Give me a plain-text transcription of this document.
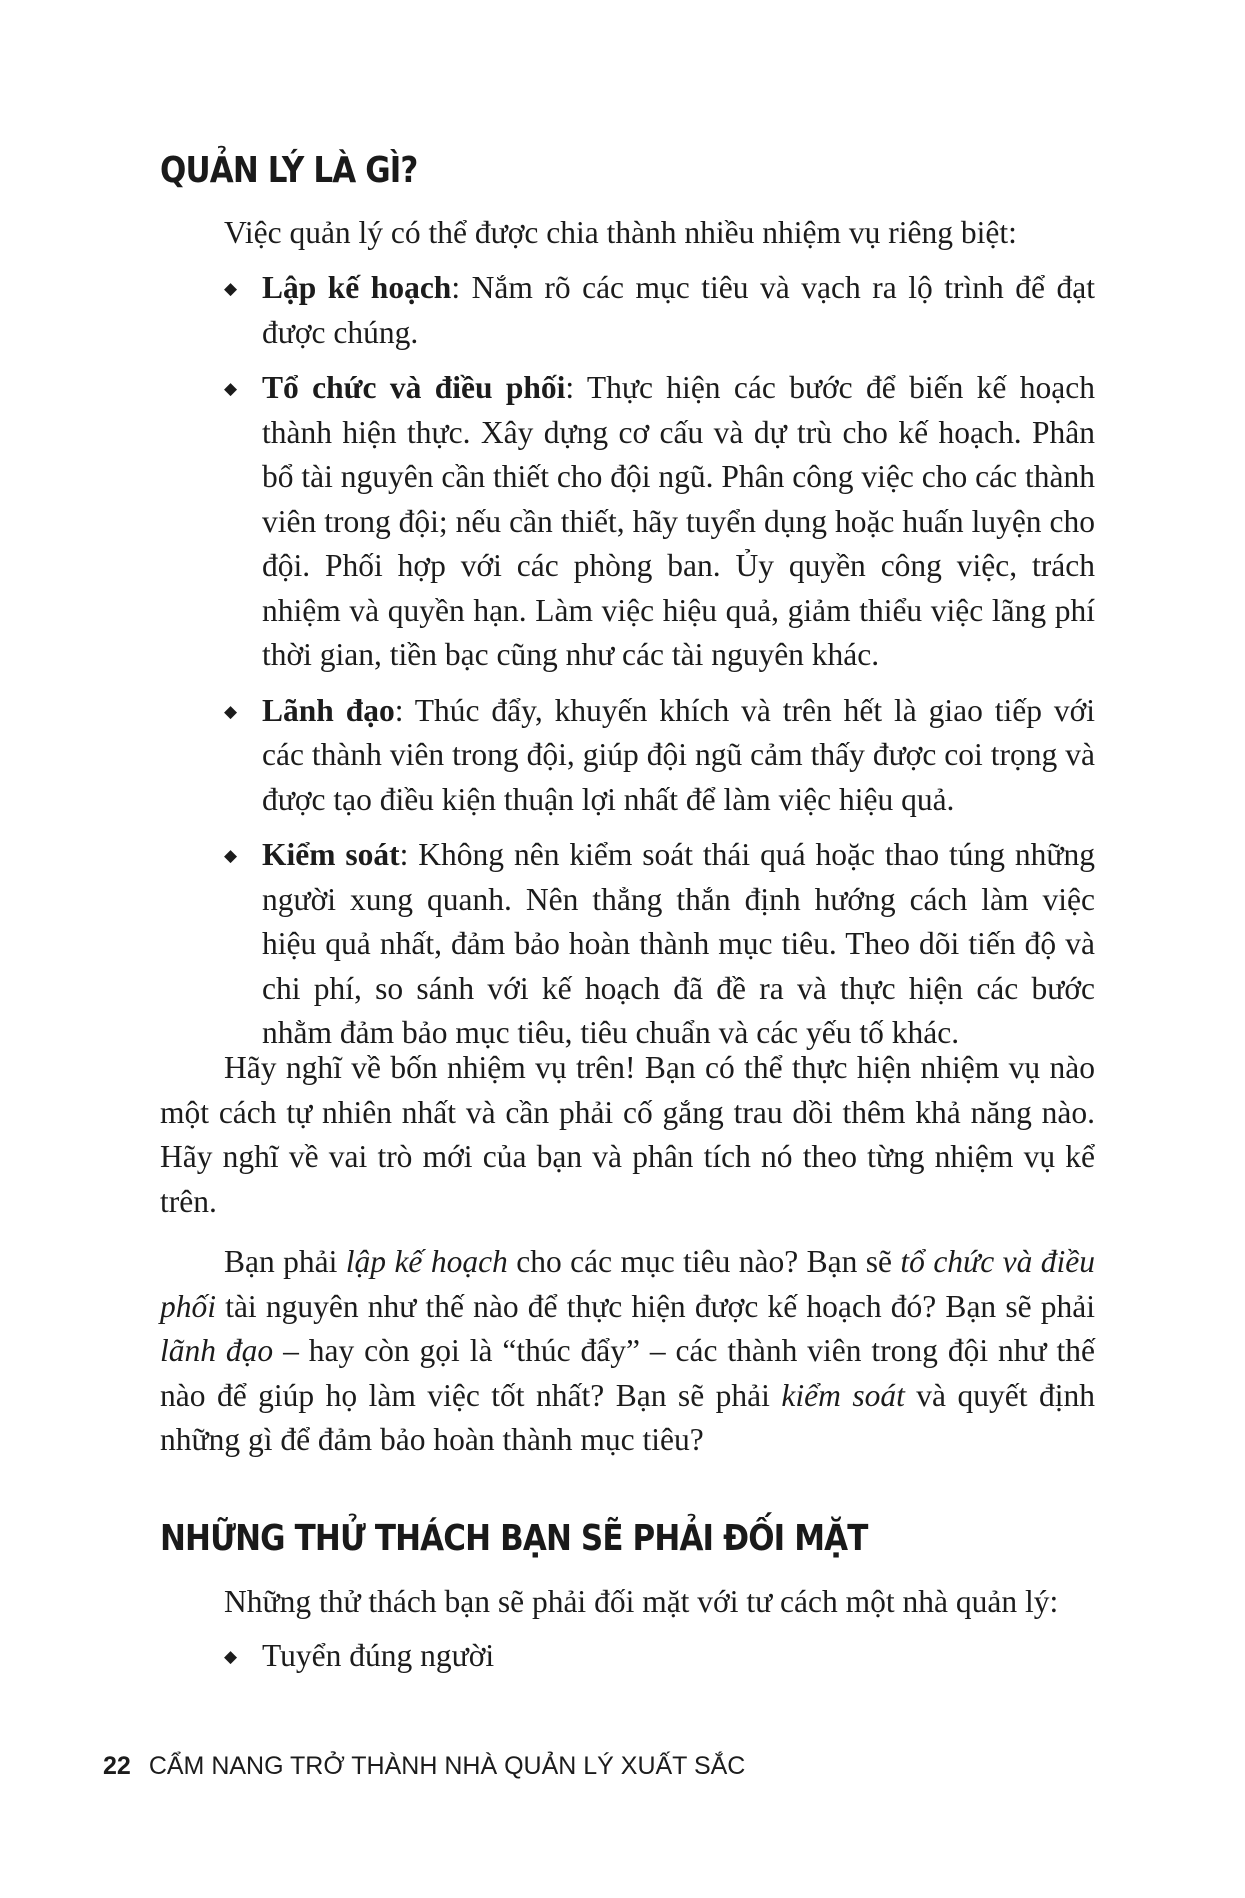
QUẢN LÝ LÀ GÌ?

Việc quản lý có thể được chia thành nhiều nhiệm vụ riêng biệt:

◆ Lập kế hoạch: Nắm rõ các mục tiêu và vạch ra lộ trình để đạt được chúng.
◆ Tổ chức và điều phối: Thực hiện các bước để biến kế hoạch thành hiện thực. Xây dựng cơ cấu và dự trù cho kế hoạch. Phân bổ tài nguyên cần thiết cho đội ngũ. Phân công việc cho các thành viên trong đội; nếu cần thiết, hãy tuyển dụng hoặc huấn luyện cho đội. Phối hợp với các phòng ban. Ủy quyền công việc, trách nhiệm và quyền hạn. Làm việc hiệu quả, giảm thiểu việc lãng phí thời gian, tiền bạc cũng như các tài nguyên khác.
◆ Lãnh đạo: Thúc đẩy, khuyến khích và trên hết là giao tiếp với các thành viên trong đội, giúp đội ngũ cảm thấy được coi trọng và được tạo điều kiện thuận lợi nhất để làm việc hiệu quả.
◆ Kiểm soát: Không nên kiểm soát thái quá hoặc thao túng những người xung quanh. Nên thẳng thắn định hướng cách làm việc hiệu quả nhất, đảm bảo hoàn thành mục tiêu. Theo dõi tiến độ và chi phí, so sánh với kế hoạch đã đề ra và thực hiện các bước nhằm đảm bảo mục tiêu, tiêu chuẩn và các yếu tố khác.

Hãy nghĩ về bốn nhiệm vụ trên! Bạn có thể thực hiện nhiệm vụ nào một cách tự nhiên nhất và cần phải cố gắng trau dồi thêm khả năng nào. Hãy nghĩ về vai trò mới của bạn và phân tích nó theo từng nhiệm vụ kể trên.

Bạn phải lập kế hoạch cho các mục tiêu nào? Bạn sẽ tổ chức và điều phối tài nguyên như thế nào để thực hiện được kế hoạch đó? Bạn sẽ phải lãnh đạo – hay còn gọi là “thúc đẩy” – các thành viên trong đội như thế nào để giúp họ làm việc tốt nhất? Bạn sẽ phải kiểm soát và quyết định những gì để đảm bảo hoàn thành mục tiêu?

NHỮNG THỬ THÁCH BẠN SẼ PHẢI ĐỐI MẶT

Những thử thách bạn sẽ phải đối mặt với tư cách một nhà quản lý:

◆ Tuyển đúng người
22 CẨM NANG TRỞ THÀNH NHÀ QUẢN LÝ XUẤT SẮC
